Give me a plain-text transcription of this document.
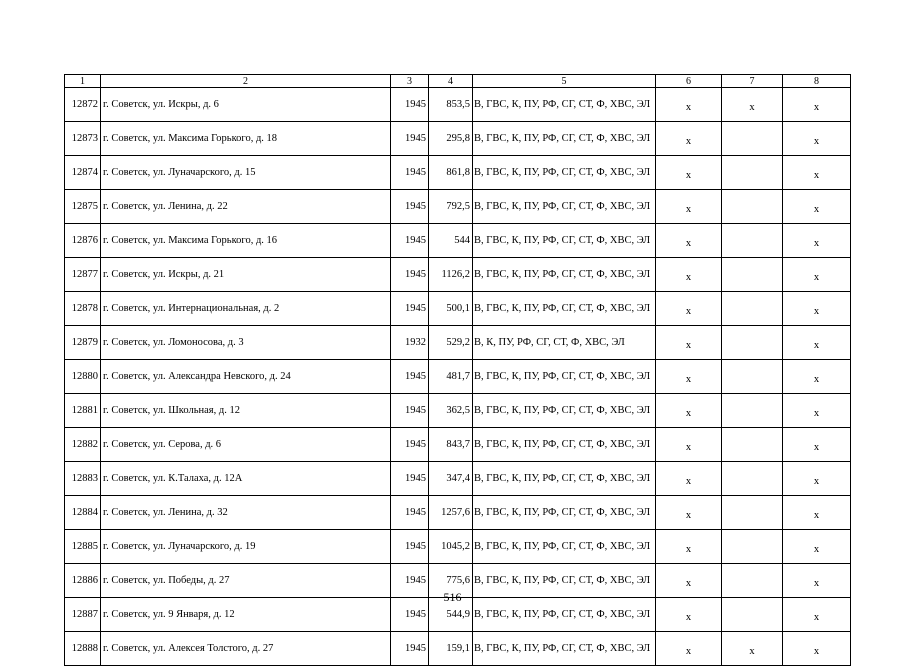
1	2	3	4	5	6	7	8
12872	г. Советск, ул. Искры, д. 6	1945	853,5	В, ГВС, К, ПУ, РФ, СГ, СТ, Ф, ХВС, ЭЛ	x	x	x
12873	г. Советск, ул. Максима Горького, д. 18	1945	295,8	В, ГВС, К, ПУ, РФ, СГ, СТ, Ф, ХВС, ЭЛ	x		x
12874	г. Советск, ул. Луначарского, д. 15	1945	861,8	В, ГВС, К, ПУ, РФ, СГ, СТ, Ф, ХВС, ЭЛ	x		x
12875	г. Советск, ул. Ленина, д. 22	1945	792,5	В, ГВС, К, ПУ, РФ, СГ, СТ, Ф, ХВС, ЭЛ	x		x
12876	г. Советск, ул. Максима Горького, д. 16	1945	544	В, ГВС, К, ПУ, РФ, СГ, СТ, Ф, ХВС, ЭЛ	x		x
12877	г. Советск, ул. Искры, д. 21	1945	1126,2	В, ГВС, К, ПУ, РФ, СГ, СТ, Ф, ХВС, ЭЛ	x		x
12878	г. Советск, ул. Интернациональная, д. 2	1945	500,1	В, ГВС, К, ПУ, РФ, СГ, СТ, Ф, ХВС, ЭЛ	x		x
12879	г. Советск, ул. Ломоносова, д. 3	1932	529,2	В, К, ПУ, РФ, СГ, СТ, Ф, ХВС, ЭЛ	x		x
12880	г. Советск, ул. Александра Невского, д. 24	1945	481,7	В, ГВС, К, ПУ, РФ, СГ, СТ, Ф, ХВС, ЭЛ	x		x
12881	г. Советск, ул. Школьная, д. 12	1945	362,5	В, ГВС, К, ПУ, РФ, СГ, СТ, Ф, ХВС, ЭЛ	x		x
12882	г. Советск, ул. Серова, д. 6	1945	843,7	В, ГВС, К, ПУ, РФ, СГ, СТ, Ф, ХВС, ЭЛ	x		x
12883	г. Советск, ул. К.Талаха, д. 12А	1945	347,4	В, ГВС, К, ПУ, РФ, СГ, СТ, Ф, ХВС, ЭЛ	x		x
12884	г. Советск, ул. Ленина, д. 32	1945	1257,6	В, ГВС, К, ПУ, РФ, СГ, СТ, Ф, ХВС, ЭЛ	x		x
12885	г. Советск, ул. Луначарского, д. 19	1945	1045,2	В, ГВС, К, ПУ, РФ, СГ, СТ, Ф, ХВС, ЭЛ	x		x
12886	г. Советск, ул. Победы, д. 27	1945	775,6	В, ГВС, К, ПУ, РФ, СГ, СТ, Ф, ХВС, ЭЛ	x		x
12887	г. Советск, ул. 9 Января, д. 12	1945	544,9	В, ГВС, К, ПУ, РФ, СГ, СТ, Ф, ХВС, ЭЛ	x		x
12888	г. Советск, ул. Алексея Толстого, д. 27	1945	159,1	В, ГВС, К, ПУ, РФ, СГ, СТ, Ф, ХВС, ЭЛ	x	x	x
516
